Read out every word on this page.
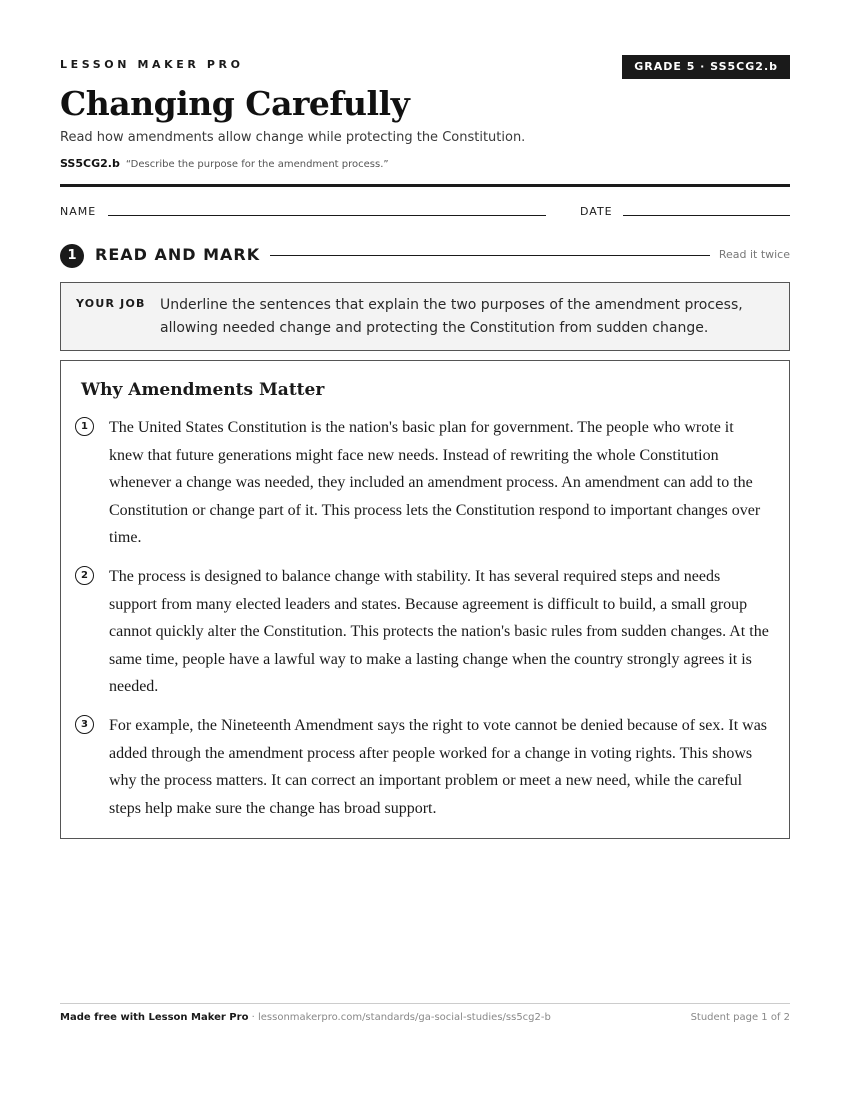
LESSON MAKER PRO	GRADE 5 · SS5CG2.b
Changing Carefully
Read how amendments allow change while protecting the Constitution.
SS5CG2.b “Describe the purpose for the amendment process.”
NAME	DATE
1	READ AND MARK	Read it twice
YOUR JOB Underline the sentences that explain the two purposes of the amendment process, allowing needed change and protecting the Constitution from sudden change.
Why Amendments Matter
1	The United States Constitution is the nation's basic plan for government. The people who wrote it knew that future generations might face new needs. Instead of rewriting the whole Constitution whenever a change was needed, they included an amendment process. An amendment can add to the Constitution or change part of it. This process lets the Constitution respond to important changes over time.
2	The process is designed to balance change with stability. It has several required steps and needs support from many elected leaders and states. Because agreement is difficult to build, a small group cannot quickly alter the Constitution. This protects the nation's basic rules from sudden changes. At the same time, people have a lawful way to make a lasting change when the country strongly agrees it is needed.
3	For example, the Nineteenth Amendment says the right to vote cannot be denied because of sex. It was added through the amendment process after people worked for a change in voting rights. This shows why the process matters. It can correct an important problem or meet a new need, while the careful steps help make sure the change has broad support.
Made free with Lesson Maker Pro · lessonmakerpro.com/standards/ga-social-studies/ss5cg2-b	Student page 1 of 2
